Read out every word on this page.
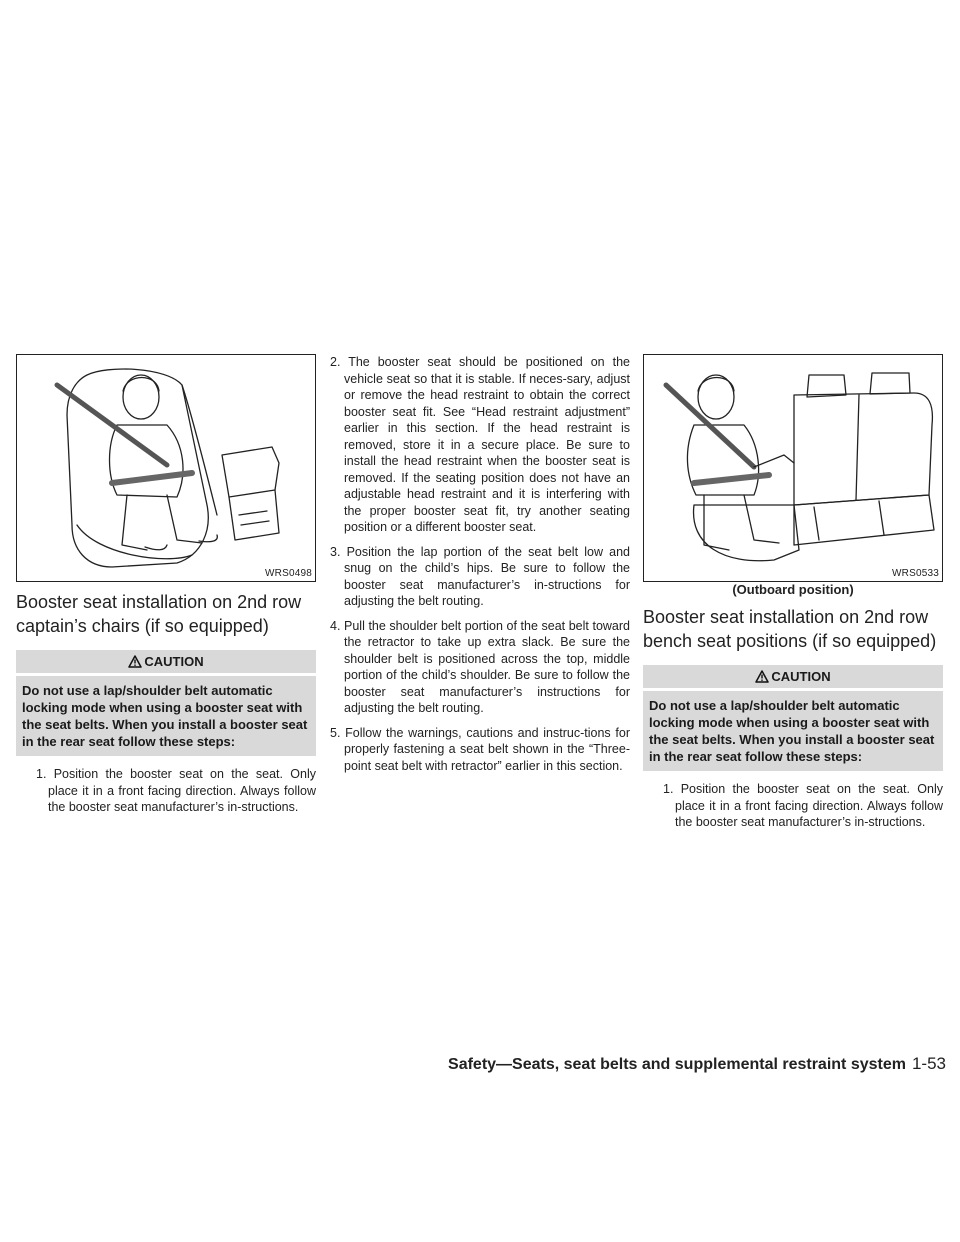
WRS0498
Booster seat installation on 2nd row captain’s chairs (if so equipped)
CAUTION
Do not use a lap/shoulder belt automatic locking mode when using a booster seat with the seat belts. When you install a booster seat in the rear seat follow these steps:
1. Position the booster seat on the seat. Only place it in a front facing direction. Always follow the booster seat manufacturer’s in-structions.
2. The booster seat should be positioned on the vehicle seat so that it is stable. If neces-sary, adjust or remove the head restraint to obtain the correct booster seat fit. See “Head restraint adjustment” earlier in this section. If the head restraint is removed, store it in a secure place. Be sure to install the head restraint when the booster seat is removed. If the seating position does not have an adjustable head restraint and it is interfering with the proper booster seat fit, try another seating position or a different booster seat.
3. Position the lap portion of the seat belt low and snug on the child’s hips. Be sure to follow the booster seat manufacturer’s in-structions for adjusting the belt routing.
4. Pull the shoulder belt portion of the seat belt toward the retractor to take up extra slack. Be sure the shoulder belt is positioned across the top, middle portion of the child’s shoulder. Be sure to follow the booster seat manufacturer’s instructions for adjusting the belt routing.
5. Follow the warnings, cautions and instruc-tions for properly fastening a seat belt shown in the “Three-point seat belt with retractor” earlier in this section.
WRS0533
(Outboard position)
Booster seat installation on 2nd row bench seat positions (if so equipped)
CAUTION
Do not use a lap/shoulder belt automatic locking mode when using a booster seat with the seat belts. When you install a booster seat in the rear seat follow these steps:
1. Position the booster seat on the seat. Only place it in a front facing direction. Always follow the booster seat manufacturer’s in-structions.
Safety—Seats, seat belts and supplemental restraint system 1-53
